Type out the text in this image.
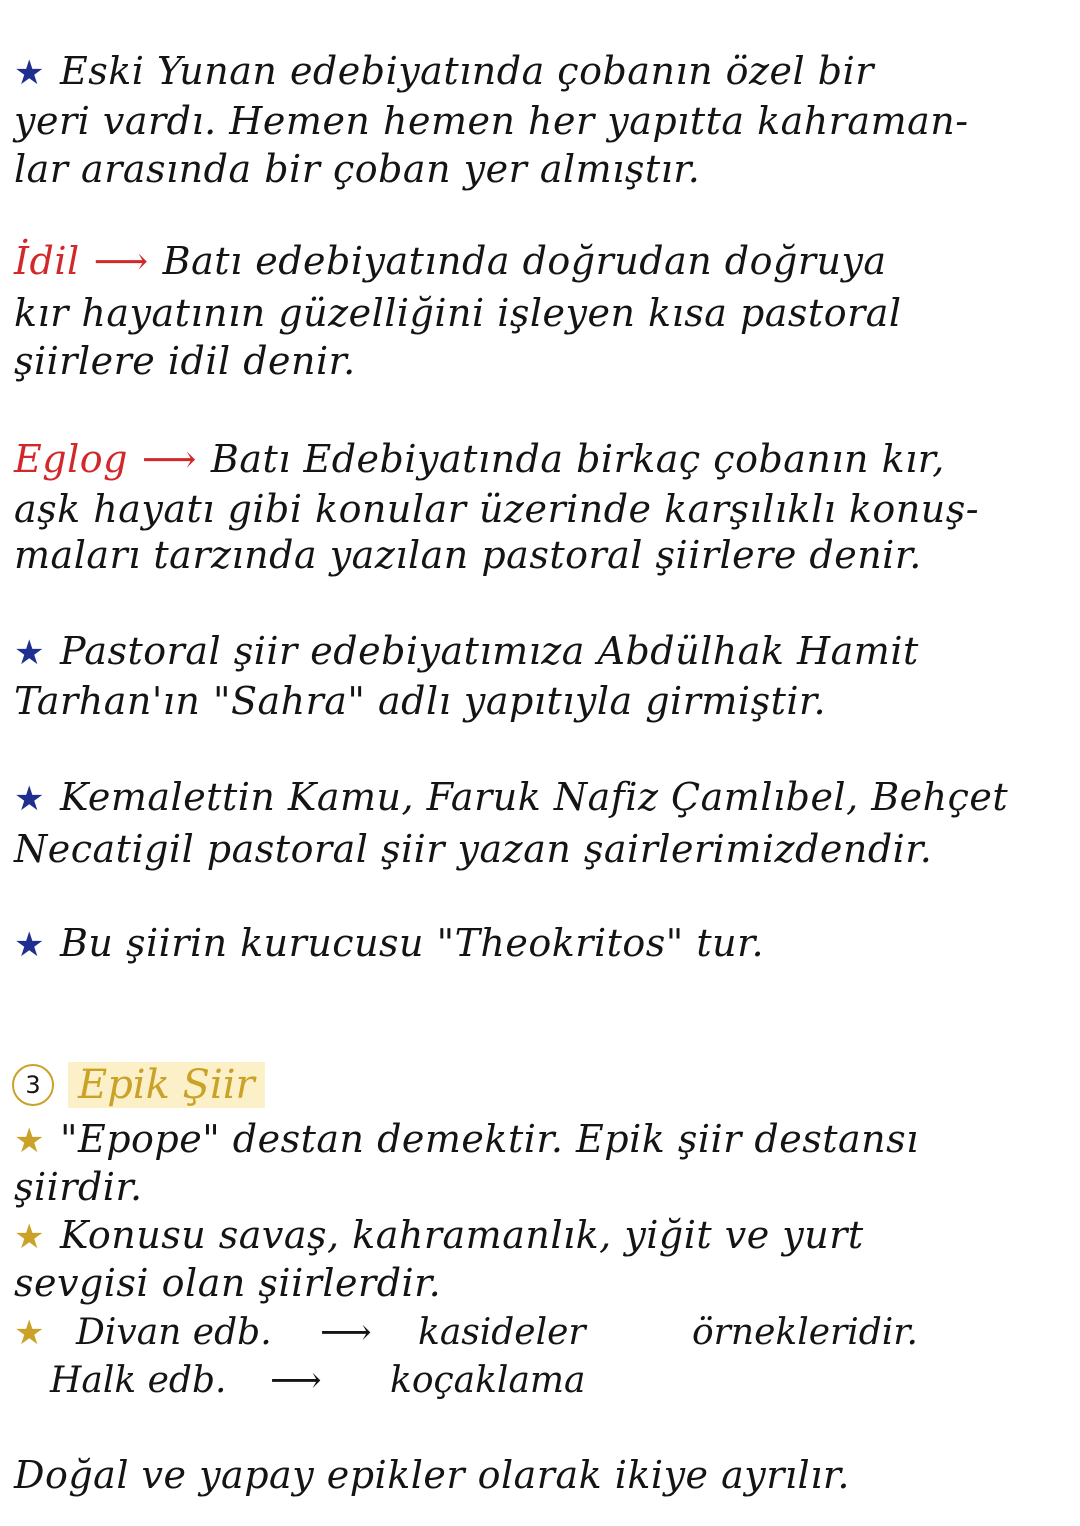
★ Eski Yunan edebiyatında çobanın özel bir
yeri vardı. Hemen hemen her yapıtta kahraman-
lar arasında bir çoban yer almıştır.
İdil ⟶ Batı edebiyatında doğrudan doğruya
kır hayatının güzelliğini işleyen kısa pastoral
şiirlere idil denir.
Eglog ⟶ Batı Edebiyatında birkaç çobanın kır,
aşk hayatı gibi konular üzerinde karşılıklı konuş-
maları tarzında yazılan pastoral şiirlere denir.
★ Pastoral şiir edebiyatımıza Abdülhak Hamit
Tarhan'ın "Sahra" adlı yapıtıyla girmiştir.
★ Kemalettin Kamu, Faruk Nafiz Çamlıbel, Behçet
Necatigil pastoral şiir yazan şairlerimizdendir.
★ Bu şiirin kurucusu "Theokritos" tur.
3 Epik Şiir
★ "Epope" destan demektir. Epik şiir destansı
şiirdir.
★ Konusu savaş, kahramanlık, yiğit ve yurt
sevgisi olan şiirlerdir.
★ Divan edb. ⟶ kasideler	örnekleridir.
Halk edb. ⟶ koçaklama
Doğal ve yapay epikler olarak ikiye ayrılır.
